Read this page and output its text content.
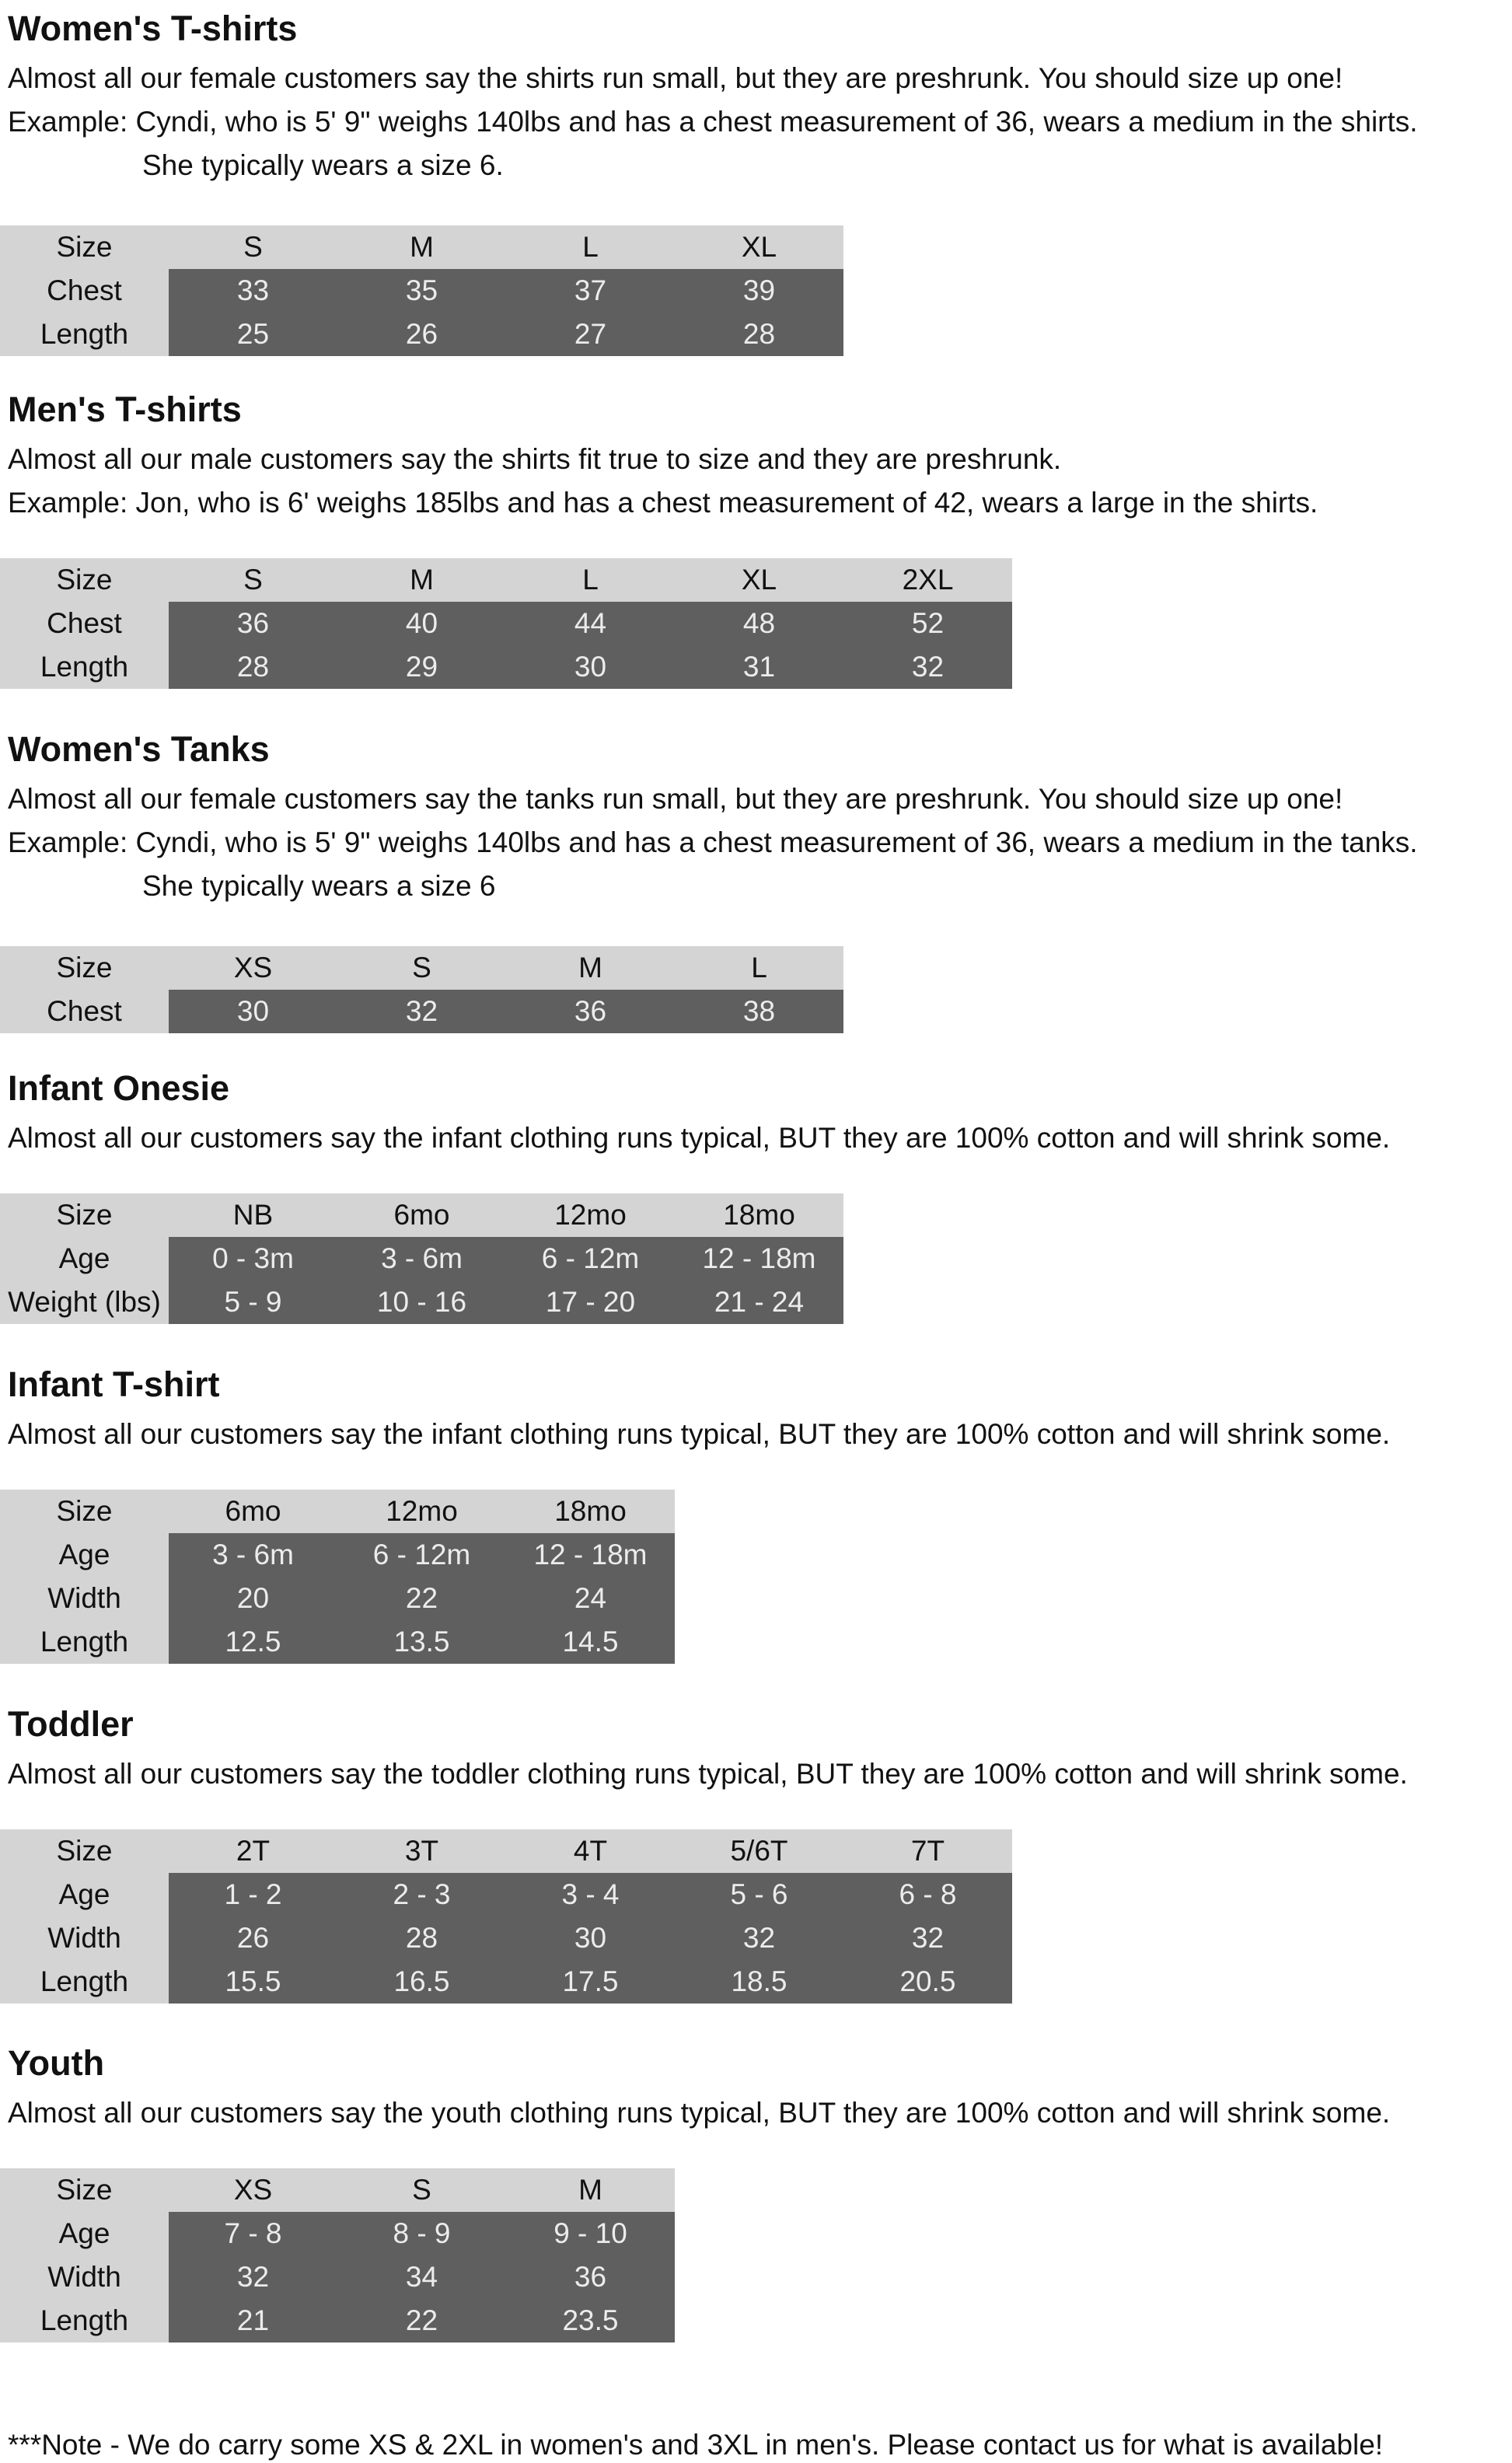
Women's T-shirts
Almost all our female customers say the shirts run small, but they are preshrunk. You should size up one!
Example: Cyndi, who is 5' 9" weighs 140lbs and has a chest measurement of 36, wears a medium in the shirts.
She typically wears a size 6.
Size	S	M	L	XL
Chest	33	35	37	39
Length	25	26	27	28
Men's T-shirts
Almost all our male customers say the shirts fit true to size and they are preshrunk.
Example: Jon, who is 6' weighs 185lbs and has a chest measurement of 42, wears a large in the shirts.
Size	S	M	L	XL	2XL
Chest	36	40	44	48	52
Length	28	29	30	31	32
Women's Tanks
Almost all our female customers say the tanks run small, but they are preshrunk. You should size up one!
Example: Cyndi, who is 5' 9" weighs 140lbs and has a chest measurement of 36, wears a medium in the tanks.
She typically wears a size 6
Size	XS	S	M	L
Chest	30	32	36	38
Infant Onesie
Almost all our customers say the infant clothing runs typical, BUT they are 100% cotton and will shrink some.
Size	NB	6mo	12mo	18mo
Age	0 - 3m	3 - 6m	6 - 12m	12 - 18m
Weight (lbs)	5 - 9	10 - 16	17 - 20	21 - 24
Infant T-shirt
Almost all our customers say the infant clothing runs typical, BUT they are 100% cotton and will shrink some.
Size	6mo	12mo	18mo
Age	3 - 6m	6 - 12m	12 - 18m
Width	20	22	24
Length	12.5	13.5	14.5
Toddler
Almost all our customers say the toddler clothing runs typical, BUT they are 100% cotton and will shrink some.
Size	2T	3T	4T	5/6T	7T
Age	1 - 2	2 - 3	3 - 4	5 - 6	6 - 8
Width	26	28	30	32	32
Length	15.5	16.5	17.5	18.5	20.5
Youth
Almost all our customers say the youth clothing runs typical, BUT they are 100% cotton and will shrink some.
Size	XS	S	M
Age	7 - 8	8 - 9	9 - 10
Width	32	34	36
Length	21	22	23.5
***Note - We do carry some XS & 2XL in women's and 3XL in men's. Please contact us for what is available!
